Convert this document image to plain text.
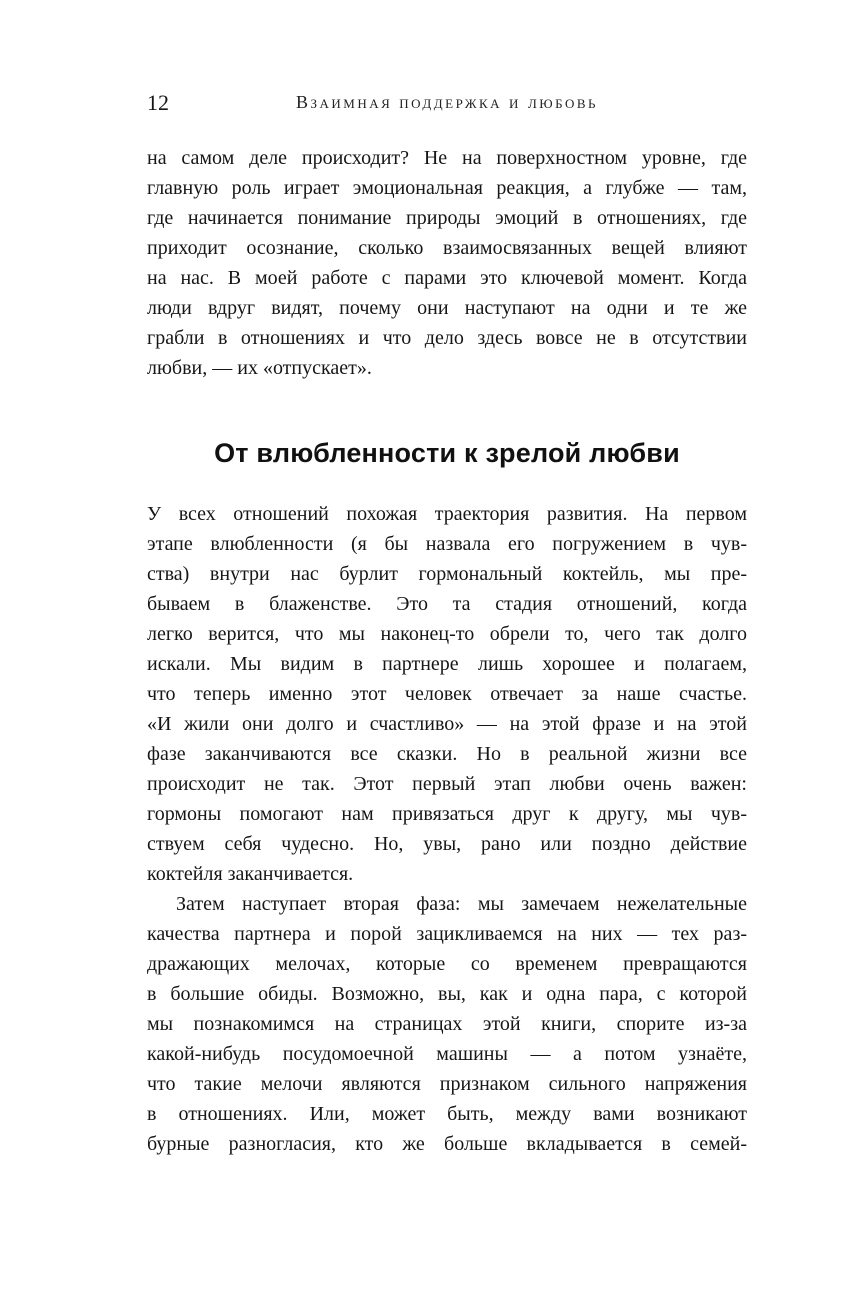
12	Взаимная поддержка и любовь
на самом деле происходит? Не на поверхностном уровне, где
главную роль играет эмоциональная реакция, а глубже — там,
где начинается понимание природы эмоций в отношениях, где
приходит осознание, сколько взаимосвязанных вещей влияют
на нас. В моей работе с парами это ключевой момент. Когда
люди вдруг видят, почему они наступают на одни и те же
грабли в отношениях и что дело здесь вовсе не в отсутствии
любви, — их «отпускает».
От влюбленности к зрелой любви
У всех отношений похожая траектория развития. На первом
этапе влюбленности (я бы назвала его погружением в чув-
ства) внутри нас бурлит гормональный коктейль, мы пре-
бываем в блаженстве. Это та стадия отношений, когда
легко верится, что мы наконец-то обрели то, чего так долго
искали. Мы видим в партнере лишь хорошее и полагаем,
что теперь именно этот человек отвечает за наше счастье.
«И жили они долго и счастливо» — на этой фразе и на этой
фазе заканчиваются все сказки. Но в реальной жизни все
происходит не так. Этот первый этап любви очень важен:
гормоны помогают нам привязаться друг к другу, мы чув-
ствуем себя чудесно. Но, увы, рано или поздно действие
коктейля заканчивается.
Затем наступает вторая фаза: мы замечаем нежелательные
качества партнера и порой зацикливаемся на них — тех раз-
дражающих мелочах, которые со временем превращаются
в большие обиды. Возможно, вы, как и одна пара, с которой
мы познакомимся на страницах этой книги, спорите из-за
какой-нибудь посудомоечной машины — а потом узнаёте,
что такие мелочи являются признаком сильного напряжения
в отношениях. Или, может быть, между вами возникают
бурные разногласия, кто же больше вкладывается в семей-
